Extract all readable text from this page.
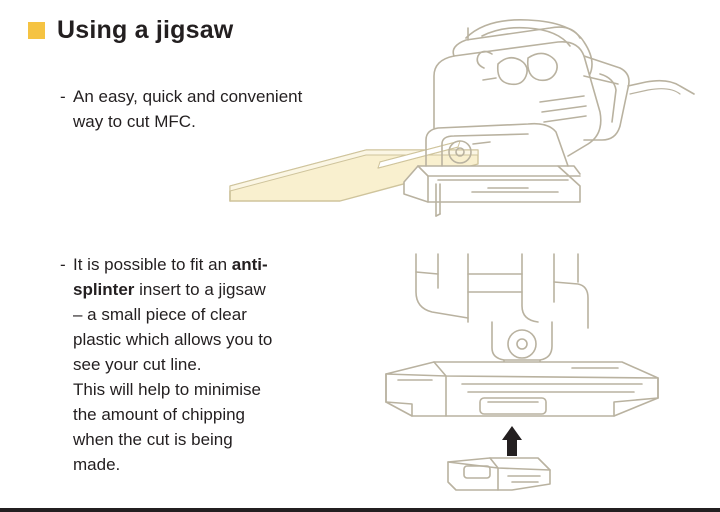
Using a jigsaw
- An easy, quick and convenient
way to cut MFC.
- It is possible to fit an anti-
splinter insert to a jigsaw
– a small piece of clear
plastic which allows you to
see your cut line.
This will help to minimise
the amount of chipping
when the cut is being
made.
